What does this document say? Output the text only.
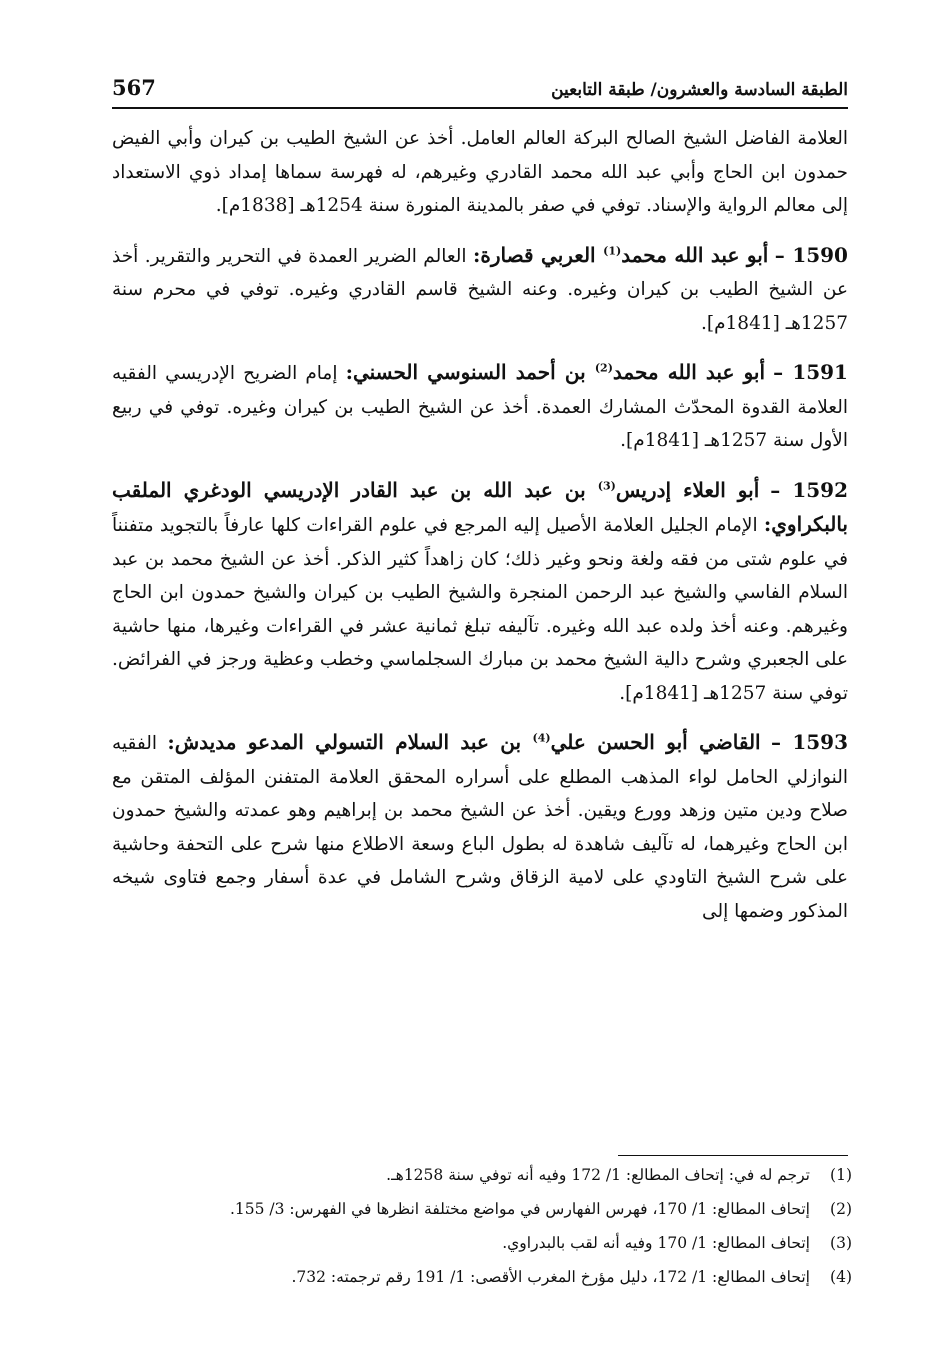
567	الطبقة السادسة والعشرون/ طبقة التابعين

العلامة الفاضل الشيخ الصالح البركة العالم العامل. أخذ عن الشيخ الطيب بن كيران وأبي الفيض حمدون ابن الحاج وأبي عبد الله محمد القادري وغيرهم، له فهرسة سماها إمداد ذوي الاستعداد إلى معالم الرواية والإسناد. توفي في صفر بالمدينة المنورة سنة 1254هـ [1838م].

1590 – أبو عبد الله محمد$^{(1)}$ العربي قصارة: العالم الضرير العمدة في التحرير والتقرير. أخذ عن الشيخ الطيب بن كيران وغيره. وعنه الشيخ قاسم القادري وغيره. توفي في محرم سنة 1257هـ [1841م].

1591 – أبو عبد الله محمد$^{(2)}$ بن أحمد السنوسي الحسني: إمام الضريح الإدريسي الفقيه العلامة القدوة المحدّث المشارك العمدة. أخذ عن الشيخ الطيب بن كيران وغيره. توفي في ربيع الأول سنة 1257هـ [1841م].

1592 – أبو العلاء إدريس$^{(3)}$ بن عبد الله بن عبد القادر الإدريسي الودغري الملقب بالبكراوي: الإمام الجليل العلامة الأصيل إليه المرجع في علوم القراءات كلها عارفاً بالتجويد متفنناً في علوم شتى من فقه ولغة ونحو وغير ذلك؛ كان زاهداً كثير الذكر. أخذ عن الشيخ محمد بن عبد السلام الفاسي والشيخ عبد الرحمن المنجرة والشيخ الطيب بن كيران والشيخ حمدون ابن الحاج وغيرهم. وعنه أخذ ولده عبد الله وغيره. تآليفه تبلغ ثمانية عشر في القراءات وغيرها، منها حاشية على الجعبري وشرح دالية الشيخ محمد بن مبارك السجلماسي وخطب وعظية ورجز في الفرائض. توفي سنة 1257هـ [1841م].

1593 – القاضي أبو الحسن علي$^{(4)}$ بن عبد السلام التسولي المدعو مديدش: الفقيه النوازلي الحامل لواء المذهب المطلع على أسراره المحقق العلامة المتفنن المؤلف المتقن مع صلاح ودين متين وزهد وورع ويقين. أخذ عن الشيخ محمد بن إبراهيم وهو عمدته والشيخ حمدون ابن الحاج وغيرهما، له تآليف شاهدة له بطول الباع وسعة الاطلاع منها شرح على التحفة وحاشية على شرح الشيخ التاودي على لامية الزقاق وشرح الشامل في عدة أسفار وجمع فتاوى شيخه المذكور وضمها إلى

(1)
ترجم له في: إتحاف المطالع: 1/ 172 وفيه أنه توفي سنة 1258هـ.
(2)
إتحاف المطالع: 1/ 170، فهرس الفهارس في مواضع مختلفة انظرها في الفهرس: 3/ 155.
(3)
إتحاف المطالع: 1/ 170 وفيه أنه لقب بالبدراوي.
(4)
إتحاف المطالع: 1/ 172، دليل مؤرخ المغرب الأقصى: 1/ 191 رقم ترجمته: 732.
